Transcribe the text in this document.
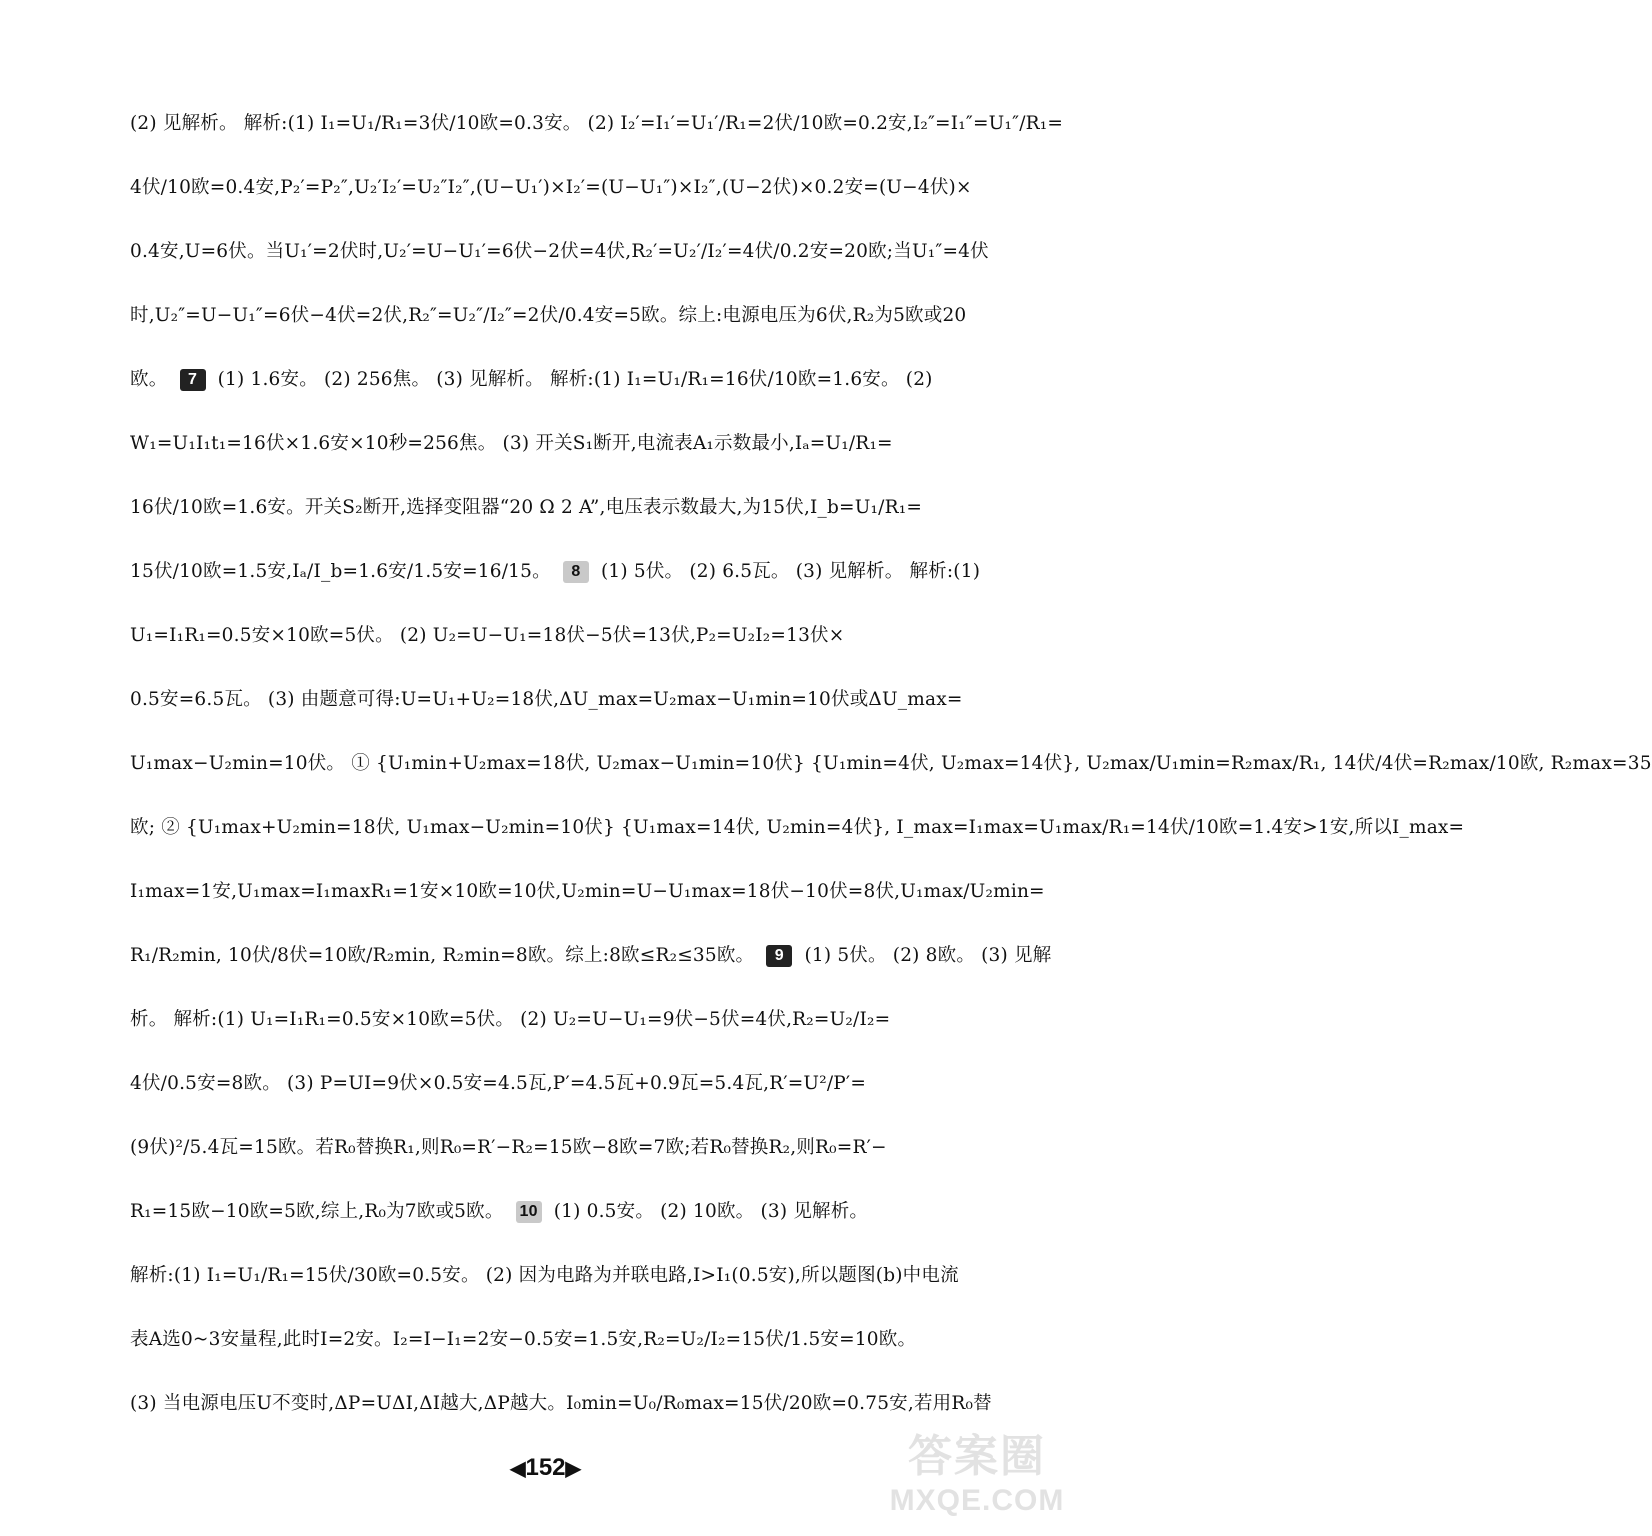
(2) 见解析。 解析:(1) I₁=U₁/R₁=3伏/10欧=0.3安。 (2) I₂′=I₁′=U₁′/R₁=2伏/10欧=0.2安,I₂″=I₁″=U₁″/R₁=
4伏/10欧=0.4安,P₂′=P₂″,U₂′I₂′=U₂″I₂″,(U−U₁′)×I₂′=(U−U₁″)×I₂″,(U−2伏)×0.2安=(U−4伏)×
0.4安,U=6伏。当U₁′=2伏时,U₂′=U−U₁′=6伏−2伏=4伏,R₂′=U₂′/I₂′=4伏/0.2安=20欧;当U₁″=4伏
时,U₂″=U−U₁″=6伏−4伏=2伏,R₂″=U₂″/I₂″=2伏/0.4安=5欧。综上:电源电压为6伏,R₂为5欧或20
欧。 7 (1) 1.6安。 (2) 256焦。 (3) 见解析。 解析:(1) I₁=U₁/R₁=16伏/10欧=1.6安。 (2)
W₁=U₁I₁t₁=16伏×1.6安×10秒=256焦。 (3) 开关S₁断开,电流表A₁示数最小,Iₐ=U₁/R₁=
16伏/10欧=1.6安。开关S₂断开,选择变阻器“20 Ω 2 A”,电压表示数最大,为15伏,I_b=U₁/R₁=
15伏/10欧=1.5安,Iₐ/I_b=1.6安/1.5安=16/15。 8 (1) 5伏。 (2) 6.5瓦。 (3) 见解析。 解析:(1)
U₁=I₁R₁=0.5安×10欧=5伏。 (2) U₂=U−U₁=18伏−5伏=13伏,P₂=U₂I₂=13伏×
0.5安=6.5瓦。 (3) 由题意可得:U=U₁+U₂=18伏,ΔU_max=U₂max−U₁min=10伏或ΔU_max=
U₁max−U₂min=10伏。 ① {U₁min+U₂max=18伏, U₂max−U₁min=10伏} {U₁min=4伏, U₂max=14伏}, U₂max/U₁min=R₂max/R₁, 14伏/4伏=R₂max/10欧, R₂max=35
欧; ② {U₁max+U₂min=18伏, U₁max−U₂min=10伏} {U₁max=14伏, U₂min=4伏}, I_max=I₁max=U₁max/R₁=14伏/10欧=1.4安>1安,所以I_max=
I₁max=1安,U₁max=I₁maxR₁=1安×10欧=10伏,U₂min=U−U₁max=18伏−10伏=8伏,U₁max/U₂min=
R₁/R₂min, 10伏/8伏=10欧/R₂min, R₂min=8欧。综上:8欧≤R₂≤35欧。 9 (1) 5伏。 (2) 8欧。 (3) 见解
析。 解析:(1) U₁=I₁R₁=0.5安×10欧=5伏。 (2) U₂=U−U₁=9伏−5伏=4伏,R₂=U₂/I₂=
4伏/0.5安=8欧。 (3) P=UI=9伏×0.5安=4.5瓦,P′=4.5瓦+0.9瓦=5.4瓦,R′=U²/P′=
(9伏)²/5.4瓦=15欧。若R₀替换R₁,则R₀=R′−R₂=15欧−8欧=7欧;若R₀替换R₂,则R₀=R′−
R₁=15欧−10欧=5欧,综上,R₀为7欧或5欧。 10 (1) 0.5安。 (2) 10欧。 (3) 见解析。
解析:(1) I₁=U₁/R₁=15伏/30欧=0.5安。 (2) 因为电路为并联电路,I>I₁(0.5安),所以题图(b)中电流
表A选0~3安量程,此时I=2安。I₂=I−I₁=2安−0.5安=1.5安,R₂=U₂/I₂=15伏/1.5安=10欧。
(3) 当电源电压U不变时,ΔP=UΔI,ΔI越大,ΔP越大。I₀min=U₀/R₀max=15伏/20欧=0.75安,若用R₀替
◀152▶	答案圈
MXQE.COM
